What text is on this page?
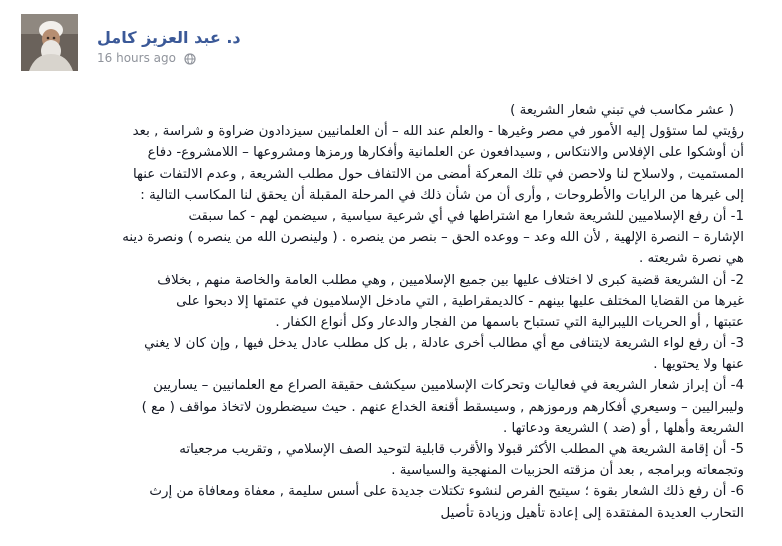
د. عبد العزيز كامل
16 hours ago
( عشر مكاسب في تبني شعار الشريعة )
رؤيتي لما ستؤول إليه الأمور في مصر وغيرها - والعلم عند الله – أن العلمانيين سيزدادون ضراوة و شراسة , بعد
أن أوشكوا على الإفلاس والانتكاس , وسيدافعون عن العلمانية وأفكارها ورمزها ومشروعها – اللامشروع- دفاع
المستميت , ولاسلاح لنا ولاحصن في تلك المعركة أمضى من الالتفاف حول مطلب الشريعة , وعدم الالتفات عنها
إلى غيرها من الرايات والأطروحات , وأرى أن من شأن ذلك في المرحلة المقبلة أن يحقق لنا المكاسب التالية :
1- أن رفع الإسلاميين للشريعة شعارا مع اشتراطها في أي شرعية سياسية , سيضمن لهم - كما سبقت
الإشارة – النصرة الإلهية , لأن الله وعد – ووعده الحق – بنصر من ينصره . ( ولينصرن الله من ينصره ) ونصرة دينه
هي نصرة شريعته .
2- أن الشريعة قضية كبرى لا اختلاف عليها بين جميع الإسلاميين , وهي مطلب العامة والخاصة منهم , بخلاف
غيرها من القضايا المختلف عليها بينهم - كالديمقراطية , التي مادخل الإسلاميون في عتمتها إلا دبحوا على
عتبتها , أو الحريات الليبرالية التي تستباح باسمها من الفجار والدعار وكل أنواع الكفار .
3- أن رفع لواء الشريعة لايتنافى مع أي مطالب أخرى عادلة , بل كل مطلب عادل يدخل فيها , وإن كان لا يغني
عنها ولا يحتويها .
4- أن إبراز شعار الشريعة في فعاليات وتحركات الإسلاميين سيكشف حقيقة الصراع مع العلمانيين – يساريين
وليبراليين – وسيعري أفكارهم ورموزهم , وسيسقط أقنعة الخداع عنهم . حيث سيضطرون لاتخاذ مواقف ( مع )
الشريعة وأهلها , أو (ضد ) الشريعة ودعاتها .
5- أن إقامة الشريعة هي المطلب الأكثر قبولا والأقرب قابلية لتوحيد الصف الإسلامي , وتقريب مرجعياته
وتجمعاته وبرامجه , بعد أن مزقته الحزبيات المنهجية والسياسية .
6- أن رفع ذلك الشعار بقوة ؛ سيتيح الفرص لنشوء تكتلات جديدة على أسس سليمة , معفاة ومعافاة من إرث
التحارب العديدة المفتقدة إلى إعادة تأهيل وزيادة تأصيل
